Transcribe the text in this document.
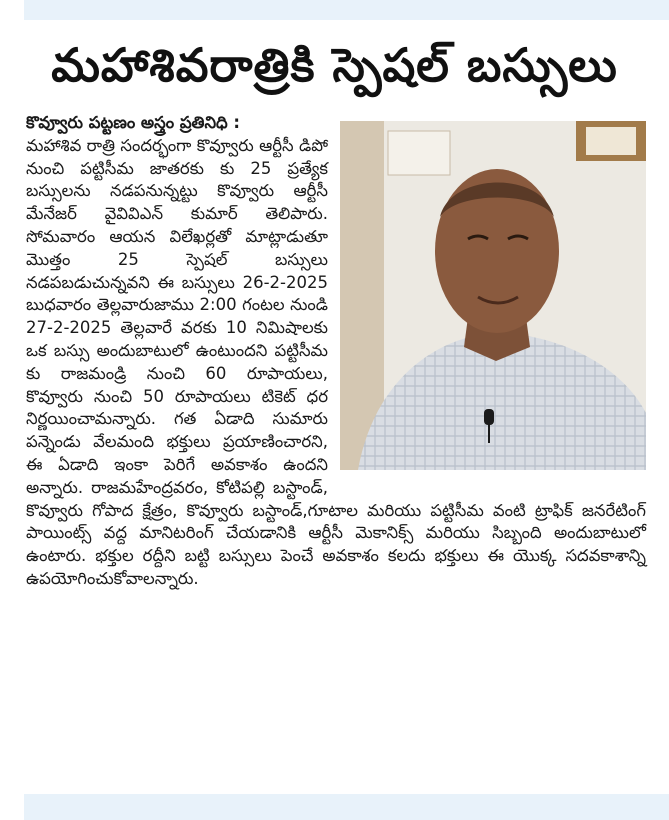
మహాశివరాత్రికి స్పెషల్ బస్సులు

కొవ్వూరు పట్టణం అస్త్రం ప్రతినిధి :
మహాశివ రాత్రి సందర్భంగా కొవ్వూరు ఆర్టీసీ డిపో నుంచి పట్టిసీమ జాతరకు కు 25 ప్రత్యేక బస్సులను నడపనున్నట్టు కొవ్వూరు ఆర్టీసీ మేనేజర్ వైవివిఎన్ కుమార్ తెలిపారు. సోమవారం ఆయన విలేఖర్లతో మాట్లాడుతూ మొత్తం 25 స్పెషల్ బస్సులు నడపబడుచున్నవని ఈ బస్సులు 26-2-2025 బుధవారం తెల్లవారుజాము 2:00 గంటల నుండి 27-2-2025 తెల్లవారే వరకు 10 నిమిషాలకు ఒక బస్సు అందుబాటులో ఉంటుందని పట్టిసీమ కు రాజమండ్రి నుంచి 60 రూపాయలు, కొవ్వూరు నుంచి 50 రూపాయలు టికెట్ ధర నిర్ణయించామన్నారు. గత ఏడాది సుమారు పన్నెండు వేలమంది భక్తులు ప్రయాణించారని, ఈ ఏడాది ఇంకా పెరిగే అవకాశం ఉందని అన్నారు. రాజమహేంద్రవరం, కోటిపల్లి బస్టాండ్, కొవ్వూరు గోపాద క్షేత్రం, కొవ్వూరు బస్టాండ్,గూటాల మరియు పట్టిసీమ వంటి ట్రాఫిక్ జనరేటింగ్ పాయింట్స్ వద్ద మానిటరింగ్ చేయడానికి ఆర్టీసీ మెకానిక్స్ మరియు సిబ్బంది అందుబాటులో ఉంటారు. భక్తుల రద్దీని బట్టి బస్సులు పెంచే అవకాశం కలదు భక్తులు ఈ యొక్క సదవకాశాన్ని ఉపయోగించుకోవాలన్నారు.
